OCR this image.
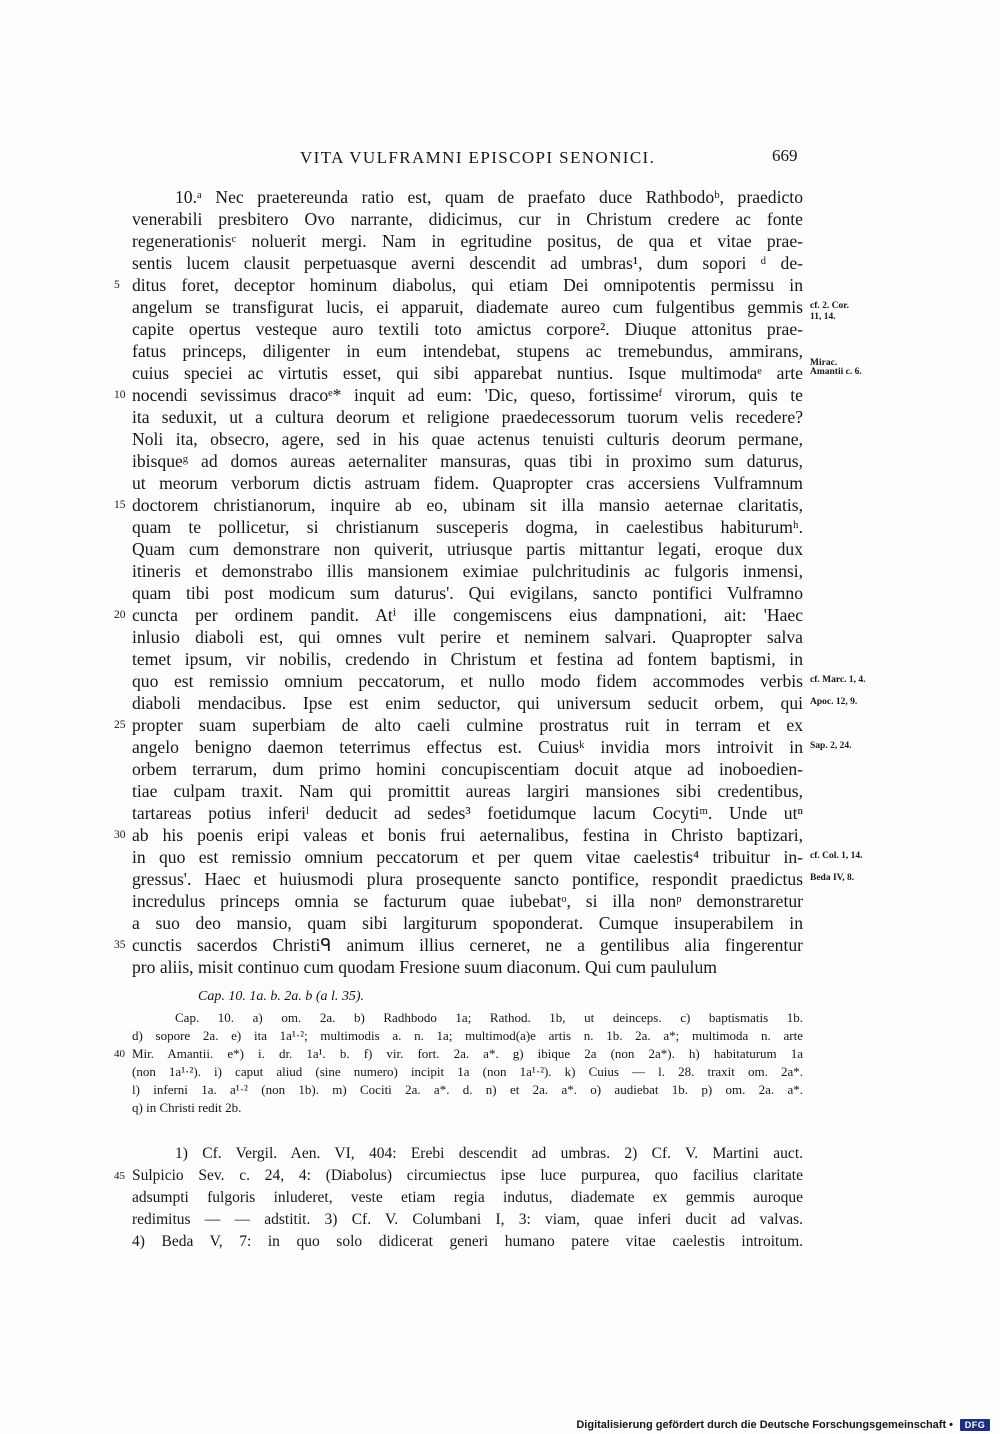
VITA VULFRAMNI EPISCOPI SENONICI.	669
10.ᵃ Nec praetereunda ratio est, quam de praefato duce Rathbodoᵇ, praedicto
venerabili presbitero Ovo narrante, didicimus, cur in Christum credere ac fonte
regenerationisᶜ noluerit mergi. Nam in egritudine positus, de qua et vitae prae-
sentis lucem clausit perpetuasque averni descendit ad umbras¹, dum sopori ᵈ de-
ditus foret, deceptor hominum diabolus, qui etiam Dei omnipotentis permissu in
5
angelum se transfigurat lucis, ei apparuit, diademate aureo cum fulgentibus gemmis
capite opertus vesteque auro textili toto amictus corpore². Diuque attonitus prae-
fatus princeps, diligenter in eum intendebat, stupens ac tremebundus, ammirans,
cuius speciei ac virtutis esset, qui sibi apparebat nuntius. Isque multimodaᵉ arte
nocendi sevissimus dracoᵉ* inquit ad eum: 'Dic, queso, fortissimeᶠ virorum, quis te
10
ita seduxit, ut a cultura deorum et religione praedecessorum tuorum velis recedere?
Noli ita, obsecro, agere, sed in his quae actenus tenuisti culturis deorum permane,
ibisqueᵍ ad domos aureas aeternaliter mansuras, quas tibi in proximo sum daturus,
ut meorum verborum dictis astruam fidem. Quapropter cras accersiens Vulframnum
doctorem christianorum, inquire ab eo, ubinam sit illa mansio aeternae claritatis,
15
quam te pollicetur, si christianum susceperis dogma, in caelestibus habiturumʰ.
Quam cum demonstrare non quiverit, utriusque partis mittantur legati, eroque dux
itineris et demonstrabo illis mansionem eximiae pulchritudinis ac fulgoris inmensi,
quam tibi post modicum sum daturus'. Qui evigilans, sancto pontifici Vulframno
cuncta per ordinem pandit. Atⁱ ille congemiscens eius dampnationi, ait: 'Haec
20
inlusio diaboli est, qui omnes vult perire et neminem salvari. Quapropter salva
temet ipsum, vir nobilis, credendo in Christum et festina ad fontem baptismi, in
quo est remissio omnium peccatorum, et nullo modo fidem accommodes verbis
diaboli mendacibus. Ipse est enim seductor, qui universum seducit orbem, qui
propter suam superbiam de alto caeli culmine prostratus ruit in terram et ex
25
angelo benigno daemon teterrimus effectus est. Cuiusᵏ invidia mors introivit in
orbem terrarum, dum primo homini concupiscentiam docuit atque ad inoboedien-
tiae culpam traxit. Nam qui promittit aureas largiri mansiones sibi credentibus,
tartareas potius inferiˡ deducit ad sedes³ foetidumque lacum Cocytiᵐ. Unde utⁿ
ab his poenis eripi valeas et bonis frui aeternalibus, festina in Christo baptizari,
30
in quo est remissio omnium peccatorum et per quem vitae caelestis⁴ tribuitur in-
gressus'. Haec et huiusmodi plura prosequente sancto pontifice, respondit praedictus
incredulus princeps omnia se facturum quae iubebatᵒ, si illa nonᵖ demonstraretur
a suo deo mansio, quam sibi largiturum spoponderat. Cumque insuperabilem in
cunctis sacerdos Christiᑫ animum illius cerneret, ne a gentilibus alia fingerentur
35
pro aliis, misit continuo cum quodam Fresione suum diaconum. Qui cum paululum
cf. 2. Cor.
11, 14.
Mirac.
Amantii c. 6.
cf. Marc. 1, 4.
Apoc. 12, 9.
Sap. 2, 24.
cf. Col. 1, 14.
Beda IV, 8.
Cap. 10. 1a. b. 2a. b (a l. 35).
Cap. 10. a) om. 2a. b) Radhbodo 1a; Rathod. 1b, ut deinceps. c) baptismatis 1b.
d) sopore 2a. e) ita 1a¹·²; multimodis a. n. 1a; multimod(a)e artis n. 1b. 2a. a*; multimoda n. arte
Mir. Amantii. e*) i. dr. 1a¹. b. f) vir. fort. 2a. a*. g) ibique 2a (non 2a*). h) habitaturum 1a
40
(non 1a¹·²). i) caput aliud (sine numero) incipit 1a (non 1a¹·²). k) Cuius — l. 28. traxit om. 2a*.
l) inferni 1a. a¹·² (non 1b). m) Cociti 2a. a*. d. n) et 2a. a*. o) audiebat 1b. p) om. 2a. a*.
q) in Christi redit 2b.
1) Cf. Vergil. Aen. VI, 404: Erebi descendit ad umbras. 2) Cf. V. Martini auct.
Sulpicio Sev. c. 24, 4: (Diabolus) circumiectus ipse luce purpurea, quo facilius claritate
45
adsumpti fulgoris inluderet, veste etiam regia indutus, diademate ex gemmis auroque
redimitus — — adstitit. 3) Cf. V. Columbani I, 3: viam, quae inferi ducit ad valvas.
4) Beda V, 7: in quo solo didicerat generi humano patere vitae caelestis introitum.
Digitalisierung gefördert durch die Deutsche Forschungsgemeinschaft •	DFG
